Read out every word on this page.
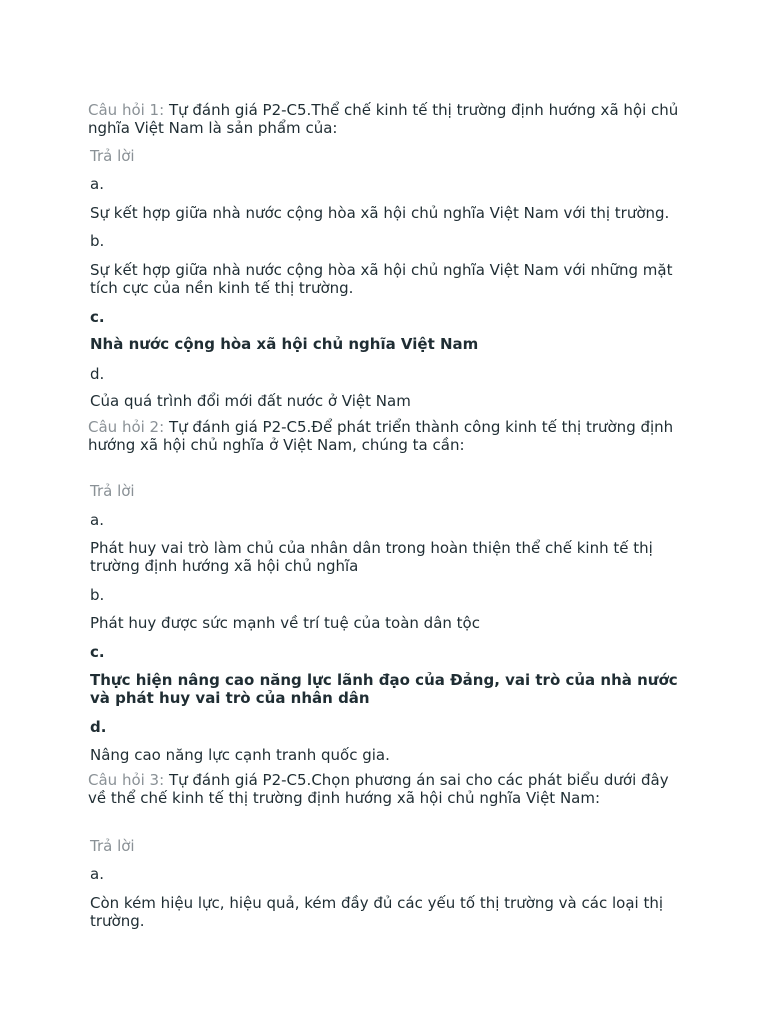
Câu hỏi 1: Tự đánh giá P2-C5.Thể chế kinh tế thị trường định hướng xã hội chủ nghĩa Việt Nam là sản phẩm của:
Trả lời
a.
Sự kết hợp giữa nhà nước cộng hòa xã hội chủ nghĩa Việt Nam với thị trường.
b.
Sự kết hợp giữa nhà nước cộng hòa xã hội chủ nghĩa Việt Nam với những mặt tích cực của nền kinh tế thị trường.
c.
Nhà nước cộng hòa xã hội chủ nghĩa Việt Nam
d.
Của quá trình đổi mới đất nước ở Việt Nam
Câu hỏi 2: Tự đánh giá P2-C5.Để phát triển thành công kinh tế thị trường định hướng xã hội chủ nghĩa ở Việt Nam, chúng ta cần:
Trả lời
a.
Phát huy vai trò làm chủ của nhân dân trong hoàn thiện thể chế kinh tế thị trường định hướng xã hội chủ nghĩa
b.
Phát huy được sức mạnh về trí tuệ của toàn dân tộc
c.
Thực hiện nâng cao năng lực lãnh đạo của Đảng, vai trò của nhà nước và phát huy vai trò của nhân dân
d.
Nâng cao năng lực cạnh tranh quốc gia.
Câu hỏi 3: Tự đánh giá P2-C5.Chọn phương án sai cho các phát biểu dưới đây về thể chế kinh tế thị trường định hướng xã hội chủ nghĩa Việt Nam:
Trả lời
a.
Còn kém hiệu lực, hiệu quả, kém đầy đủ các yếu tố thị trường và các loại thị trường.
